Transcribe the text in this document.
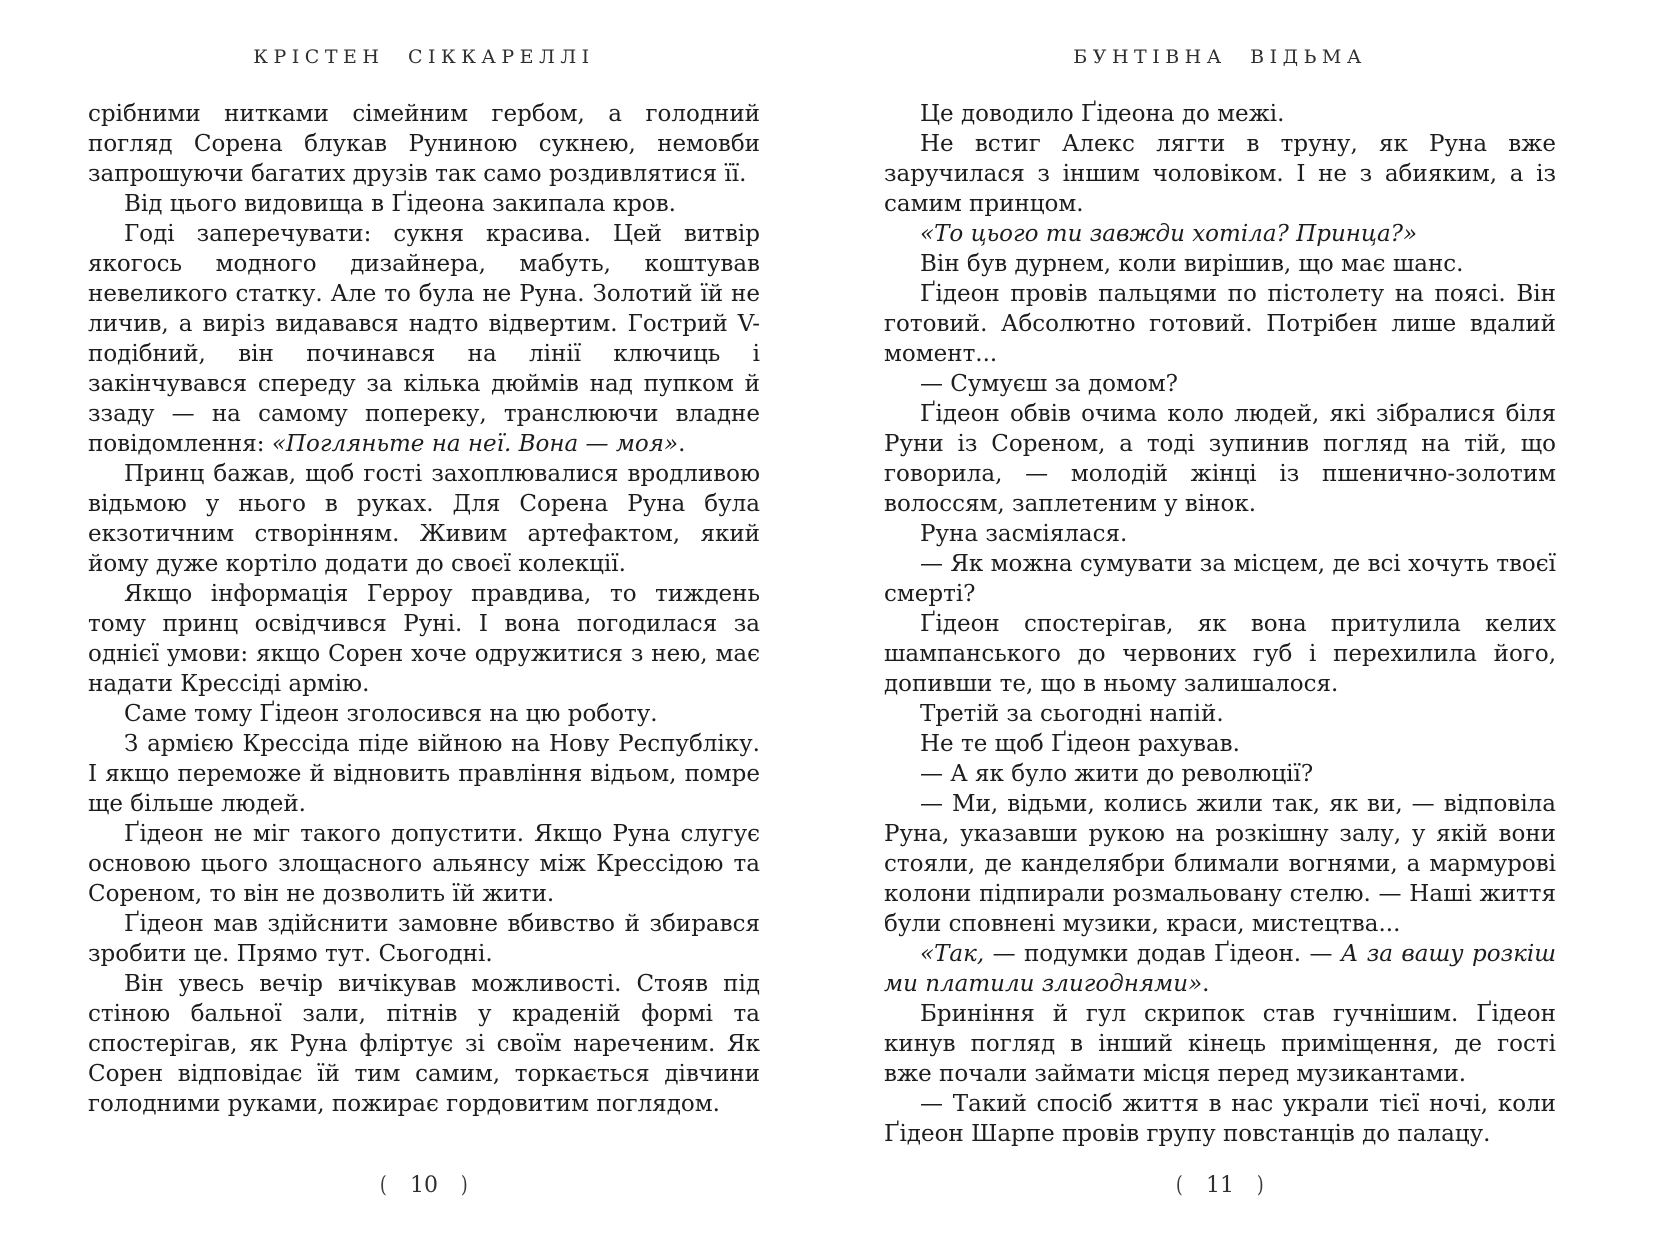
КРІСТЕН СІККАРЕЛЛІ

срібними нитками сімейним гербом, а голодний погляд Сорена блукав Руниною сукнею, немовби запрошуючи багатих друзів так само роздивлятися її.

Від цього видовища в Ґідеона закипала кров.

Годі заперечувати: сукня красива. Цей витвір якогось модного дизайнера, мабуть, коштував невеликого статку. Але то була не Руна. Золотий їй не личив, а виріз видавався надто відвертим. Гострий V-подібний, він починався на лінії ключиць і закінчувався спереду за кілька дюймів над пупком й ззаду — на самому попереку, транслюючи владне повідомлення: «Погляньте на неї. Вона — моя».

Принц бажав, щоб гості захоплювалися вродливою відьмою у нього в руках. Для Сорена Руна була екзотичним створінням. Живим артефактом, який йому дуже кортіло додати до своєї колекції.

Якщо інформація Герроу правдива, то тиждень тому принц освідчився Руні. І вона погодилася за однієї умови: якщо Сорен хоче одружитися з нею, має надати Крессіді армію.

Саме тому Ґідеон зголосився на цю роботу.

З армією Крессіда піде війною на Нову Республіку. І якщо переможе й відновить правління відьом, помре ще більше людей.

Ґідеон не міг такого допустити. Якщо Руна слугує основою цього злощасного альянсу між Крессідою та Сореном, то він не дозволить їй жити.

Ґідеон мав здійснити замовне вбивство й збирався зробити це. Прямо тут. Сьогодні.

Він увесь вечір вичікував можливості. Стояв під стіною бальної зали, пітнів у краденій формі та спостерігав, як Руна фліртує зі своїм нареченим. Як Сорен відповідає їй тим самим, торкається дівчини голодними руками, пожирає гордовитим поглядом.

( 10 )
БУНТІВНА ВІДЬМА

Це доводило Ґідеона до межі.

Не встиг Алекс лягти в труну, як Руна вже заручилася з іншим чоловіком. І не з абияким, а із самим принцом.

«То цього ти завжди хотіла? Принца?»

Він був дурнем, коли вирішив, що має шанс.

Ґідеон провів пальцями по пістолету на поясі. Він готовий. Абсолютно готовий. Потрібен лише вдалий момент...

— Сумуєш за домом?

Ґідеон обвів очима коло людей, які зібралися біля Руни із Сореном, а тоді зупинив погляд на тій, що говорила, — молодій жінці із пшенично-золотим волоссям, заплетеним у вінок.

Руна засміялася.

— Як можна сумувати за місцем, де всі хочуть твоєї смерті?

Ґідеон спостерігав, як вона притулила келих шампанського до червоних губ і перехилила його, допивши те, що в ньому залишалося.

Третій за сьогодні напій.

Не те щоб Ґідеон рахував.

— А як було жити до революції?

— Ми, відьми, колись жили так, як ви, — відповіла Руна, указавши рукою на розкішну залу, у якій вони стояли, де канделябри блимали вогнями, а мармурові колони підпирали розмальовану стелю. — Наші життя були сповнені музики, краси, мистецтва...

«Так, — подумки додав Ґідеон. — А за вашу розкіш ми платили злигоднями».

Бриніння й гул скрипок став гучнішим. Ґідеон кинув погляд в інший кінець приміщення, де гості вже почали займати місця перед музикантами.

— Такий спосіб життя в нас украли тієї ночі, коли Ґідеон Шарпе провів групу повстанців до палацу.

( 11 )
